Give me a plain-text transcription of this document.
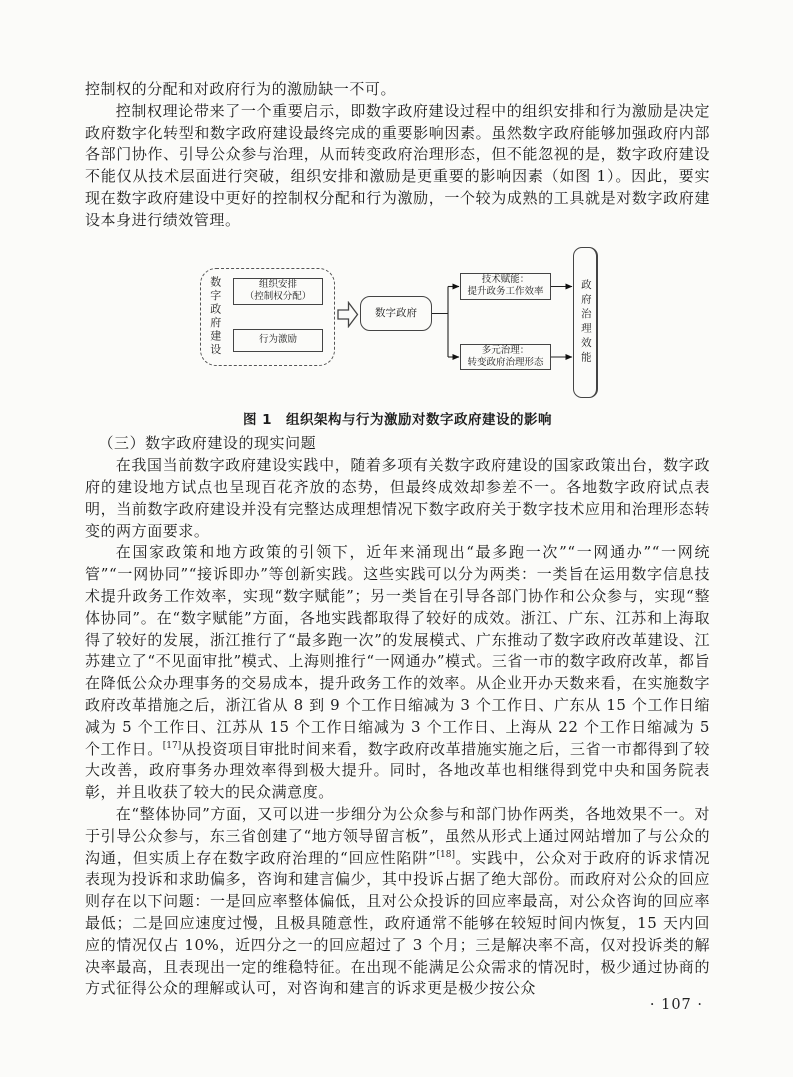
控制权的分配和对政府行为的激励缺一不可。

控制权理论带来了一个重要启示，即数字政府建设过程中的组织安排和行为激励是决定政府数字化转型和数字政府建设最终完成的重要影响因素。虽然数字政府能够加强政府内部各部门协作、引导公众参与治理，从而转变政府治理形态，但不能忽视的是，数字政府建设不能仅从技术层面进行突破，组织安排和激励是更重要的影响因素（如图 1）。因此，要实现在数字政府建设中更好的控制权分配和行为激励，一个较为成熟的工具就是对数字政府建设本身进行绩效管理。

数字政府建设	组织安排
（控制权分配）
行为激励
数字政府
技术赋能：
提升政务工作效率
多元治理：
转变政府治理形态	政府治理效能
图 1　组织架构与行为激励对数字政府建设的影响

（三）数字政府建设的现实问题

在我国当前数字政府建设实践中，随着多项有关数字政府建设的国家政策出台，数字政府的建设地方试点也呈现百花齐放的态势，但最终成效却参差不一。各地数字政府试点表明，当前数字政府建设并没有完整达成理想情况下数字政府关于数字技术应用和治理形态转变的两方面要求。

在国家政策和地方政策的引领下，近年来涌现出“最多跑一次”“一网通办”“一网统管”“一网协同”“接诉即办”等创新实践。这些实践可以分为两类：一类旨在运用数字信息技术提升政务工作效率，实现“数字赋能”；另一类旨在引导各部门协作和公众参与，实现“整体协同”。在“数字赋能”方面，各地实践都取得了较好的成效。浙江、广东、江苏和上海取得了较好的发展，浙江推行了“最多跑一次”的发展模式、广东推动了数字政府改革建设、江苏建立了“不见面审批”模式、上海则推行“一网通办”模式。三省一市的数字政府改革，都旨在降低公众办理事务的交易成本，提升政务工作的效率。从企业开办天数来看，在实施数字政府改革措施之后，浙江省从 8 到 9 个工作日缩减为 3 个工作日、广东从 15 个工作日缩减为 5 个工作日、江苏从 15 个工作日缩减为 3 个工作日、上海从 22 个工作日缩减为 5 个工作日。[17]从投资项目审批时间来看，数字政府改革措施实施之后，三省一市都得到了较大改善，政府事务办理效率得到极大提升。同时，各地改革也相继得到党中央和国务院表彰，并且收获了较大的民众满意度。

在“整体协同”方面，又可以进一步细分为公众参与和部门协作两类，各地效果不一。对于引导公众参与，东三省创建了“地方领导留言板”，虽然从形式上通过网站增加了与公众的沟通，但实质上存在数字政府治理的“回应性陷阱”[18]。实践中，公众对于政府的诉求情况表现为投诉和求助偏多，咨询和建言偏少，其中投诉占据了绝大部份。而政府对公众的回应则存在以下问题：一是回应率整体偏低，且对公众投诉的回应率最高，对公众咨询的回应率最低；二是回应速度过慢，且极具随意性，政府通常不能够在较短时间内恢复，15 天内回应的情况仅占 10%，近四分之一的回应超过了 3 个月；三是解决率不高，仅对投诉类的解决率最高，且表现出一定的维稳特征。在出现不能满足公众需求的情况时，极少通过协商的方式征得公众的理解或认可，对咨询和建言的诉求更是极少按公众

· 107 ·
